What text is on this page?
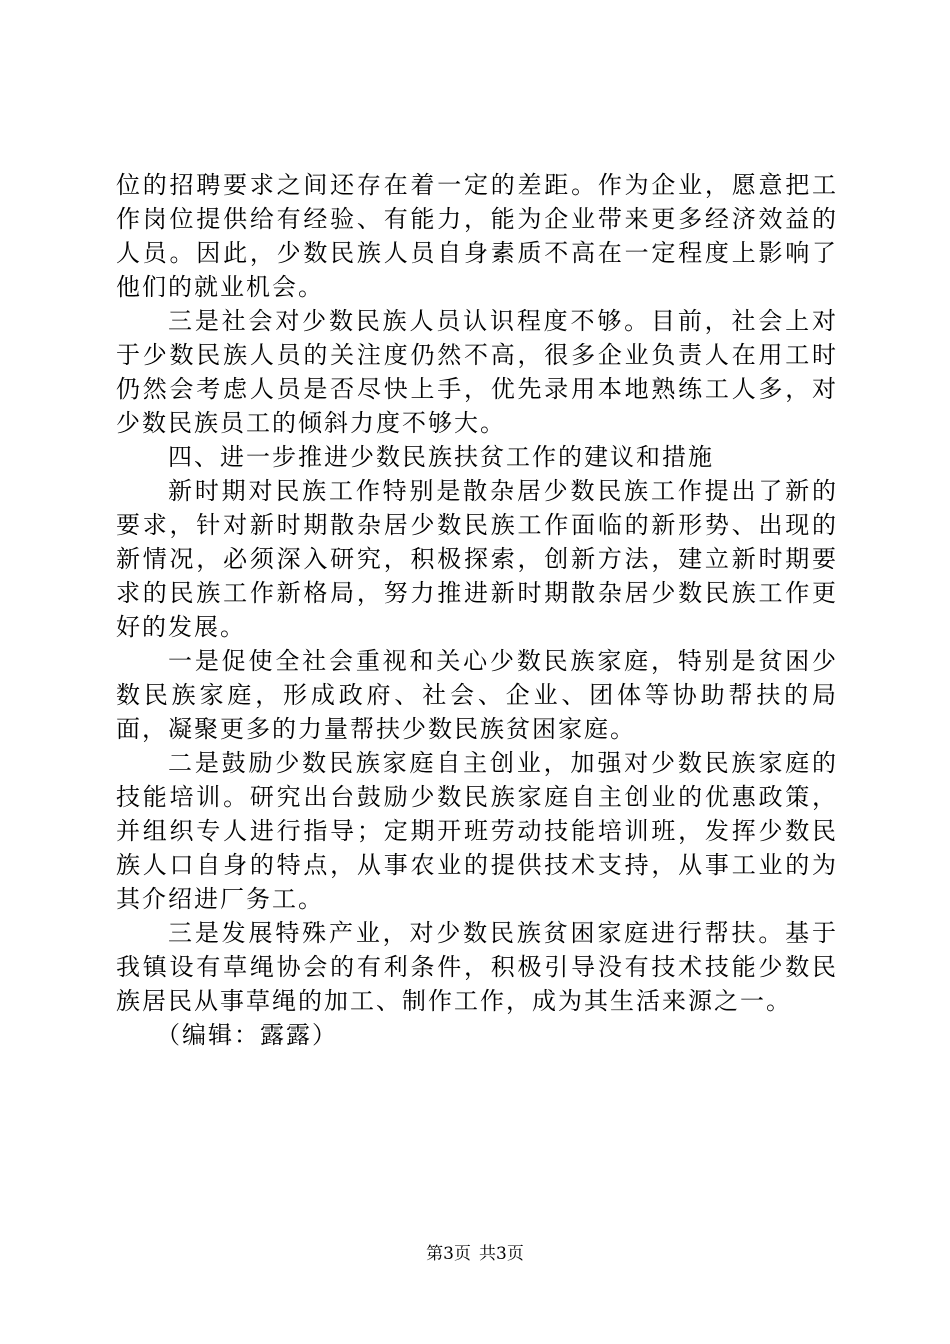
位的招聘要求之间还存在着一定的差距。作为企业，愿意把工作岗位提供给有经验、有能力，能为企业带来更多经济效益的人员。因此，少数民族人员自身素质不高在一定程度上影响了他们的就业机会。

三是社会对少数民族人员认识程度不够。目前，社会上对于少数民族人员的关注度仍然不高，很多企业负责人在用工时仍然会考虑人员是否尽快上手，优先录用本地熟练工人多，对少数民族员工的倾斜力度不够大。

四、进一步推进少数民族扶贫工作的建议和措施

新时期对民族工作特别是散杂居少数民族工作提出了新的要求，针对新时期散杂居少数民族工作面临的新形势、出现的新情况，必须深入研究，积极探索，创新方法，建立新时期要求的民族工作新格局，努力推进新时期散杂居少数民族工作更好的发展。

一是促使全社会重视和关心少数民族家庭，特别是贫困少数民族家庭，形成政府、社会、企业、团体等协助帮扶的局面，凝聚更多的力量帮扶少数民族贫困家庭。

二是鼓励少数民族家庭自主创业，加强对少数民族家庭的技能培训。研究出台鼓励少数民族家庭自主创业的优惠政策，并组织专人进行指导；定期开班劳动技能培训班，发挥少数民族人口自身的特点，从事农业的提供技术支持，从事工业的为其介绍进厂务工。

三是发展特殊产业，对少数民族贫困家庭进行帮扶。基于我镇设有草绳协会的有利条件，积极引导没有技术技能少数民族居民从事草绳的加工、制作工作，成为其生活来源之一。

（编辑：露露）

第3页 共3页
